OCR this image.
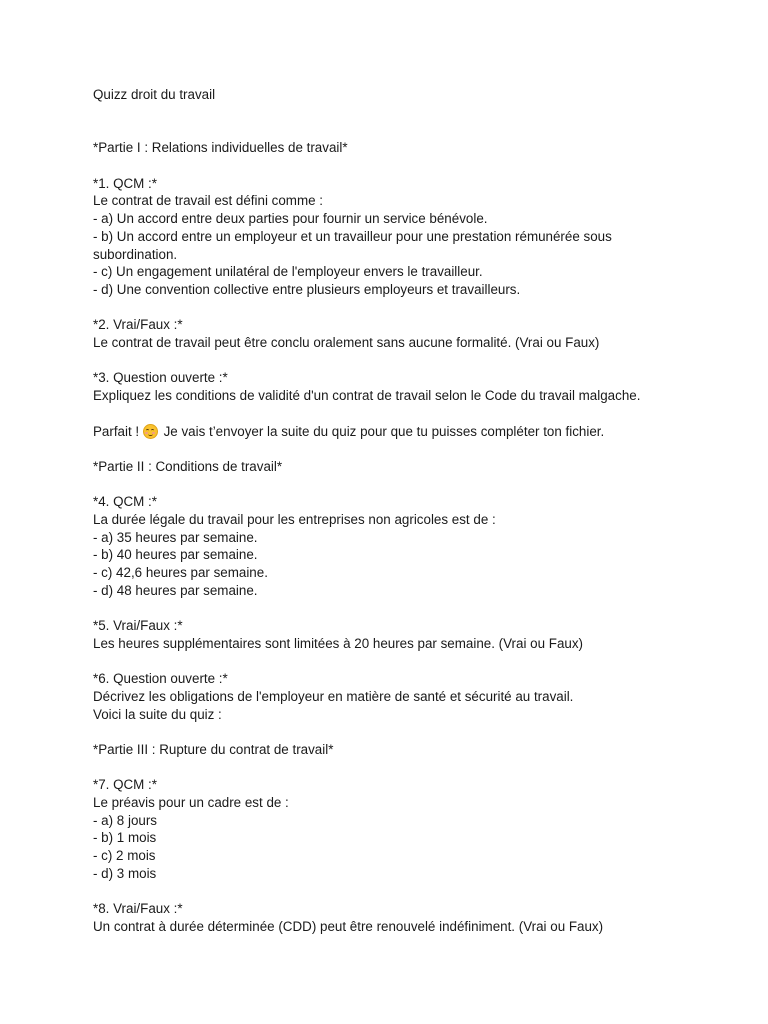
Quizz droit du travail
*Partie I : Relations individuelles de travail*
*1. QCM :*
Le contrat de travail est défini comme :
- a) Un accord entre deux parties pour fournir un service bénévole.
- b) Un accord entre un employeur et un travailleur pour une prestation rémunérée sous
subordination.
- c) Un engagement unilatéral de l'employeur envers le travailleur.
- d) Une convention collective entre plusieurs employeurs et travailleurs.
*2. Vrai/Faux :*
Le contrat de travail peut être conclu oralement sans aucune formalité. (Vrai ou Faux)
*3. Question ouverte :*
Expliquez les conditions de validité d'un contrat de travail selon le Code du travail malgache.
Parfait !
Je vais t’envoyer la suite du quiz pour que tu puisses compléter ton fichier.
*Partie II : Conditions de travail*
*4. QCM :*
La durée légale du travail pour les entreprises non agricoles est de :
- a) 35 heures par semaine.
- b) 40 heures par semaine.
- c) 42,6 heures par semaine.
- d) 48 heures par semaine.
*5. Vrai/Faux :*
Les heures supplémentaires sont limitées à 20 heures par semaine. (Vrai ou Faux)
*6. Question ouverte :*
Décrivez les obligations de l'employeur en matière de santé et sécurité au travail.
Voici la suite du quiz :
*Partie III : Rupture du contrat de travail*
*7. QCM :*
Le préavis pour un cadre est de :
- a) 8 jours
- b) 1 mois
- c) 2 mois
- d) 3 mois
*8. Vrai/Faux :*
Un contrat à durée déterminée (CDD) peut être renouvelé indéfiniment. (Vrai ou Faux)
